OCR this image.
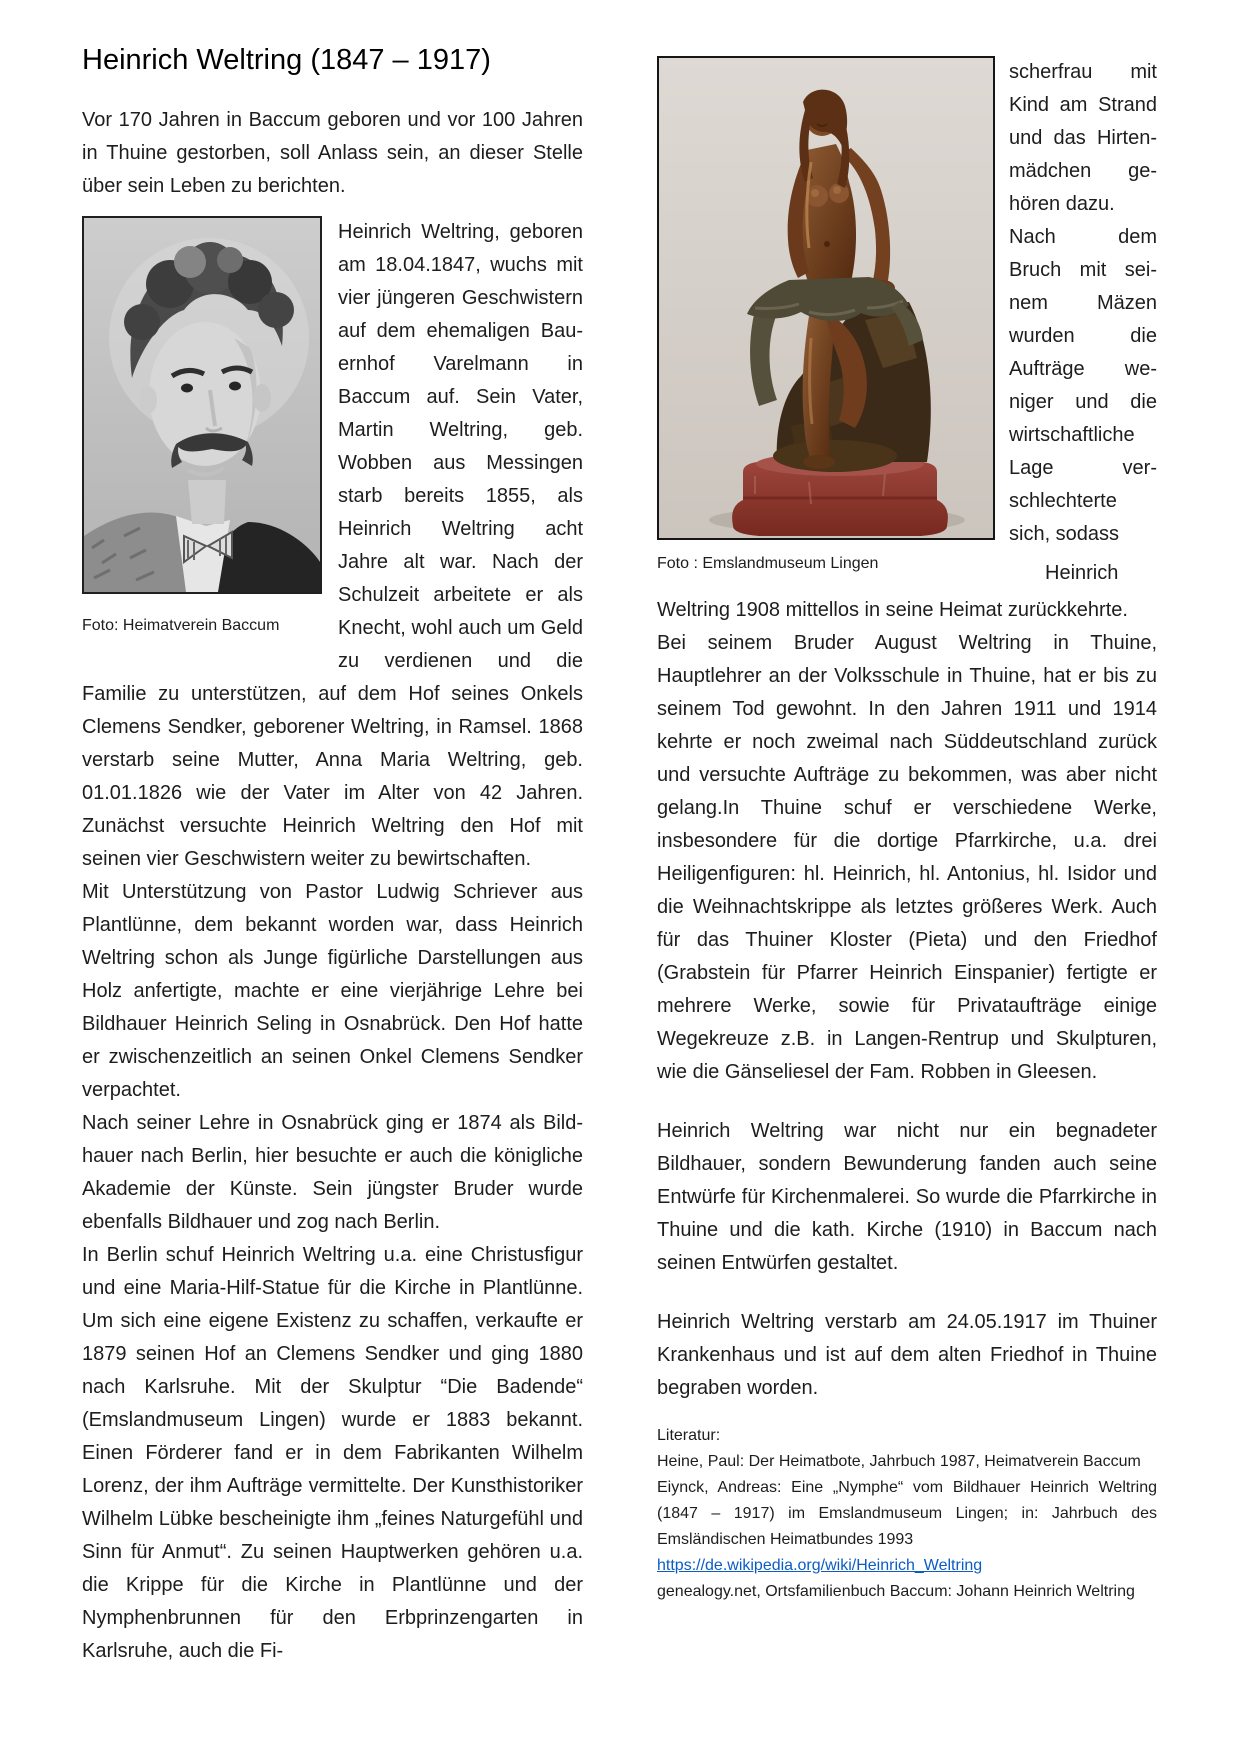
Heinrich Weltring (1847 – 1917)

Vor 170 Jahren in Baccum geboren und vor 100 Jahren in Thuine gestorben, soll Anlass sein, an dieser Stelle über sein Leben zu berichten.

Foto: Heimatverein Baccum

Heinrich Weltring, geboren am 18.04.1847, wuchs mit vier jüngeren Geschwistern auf dem ehemaligen Bauernhof Varelmann in Baccum auf. Sein Vater, Martin Weltring, geb. Wobben aus Messingen starb bereits 1855, als Heinrich Weltring acht Jahre alt war. Nach der Schulzeit arbeitete er als Knecht, wohl auch um Geld zu verdienen und die Familie zu unterstützen, auf dem Hof seines Onkels Clemens Sendker, geborener Weltring, in Ramsel. 1868 verstarb seine Mutter, Anna Maria Weltring, geb. 01.01.1826 wie der Vater im Alter von 42 Jahren. Zunächst versuchte Heinrich Weltring den Hof mit seinen vier Geschwistern weiter zu bewirtschaften.

Mit Unterstützung von Pastor Ludwig Schriever aus Plantlünne, dem bekannt worden war, dass Heinrich Weltring schon als Junge figürliche Darstellungen aus Holz anfertigte, machte er eine vierjährige Lehre bei Bildhauer Heinrich Seling in Osnabrück. Den Hof hatte er zwischenzeitlich an seinen Onkel Clemens Sendker verpachtet.

Nach seiner Lehre in Osnabrück ging er 1874 als Bildhauer nach Berlin, hier besuchte er auch die königliche Akademie der Künste. Sein jüngster Bruder wurde ebenfalls Bildhauer und zog nach Berlin.

In Berlin schuf Heinrich Weltring u.a. eine Christusfigur und eine Maria-Hilf-Statue für die Kirche in Plantlünne. Um sich eine eigene Existenz zu schaffen, verkaufte er 1879 seinen Hof an Clemens Sendker und ging 1880 nach Karlsruhe. Mit der Skulptur “Die Badende“ (Emslandmuseum Lingen) wurde er 1883 bekannt. Einen Förderer fand er in dem Fabrikanten Wilhelm Lorenz, der ihm Aufträge vermittelte. Der Kunsthistoriker Wilhelm Lübke bescheinigte ihm „feines Naturgefühl und Sinn für Anmut“. Zu seinen Hauptwerken gehören u.a. die Krippe für die Kirche in Plantlünne und der Nymphenbrunnen für den Erbprinzengarten in Karlsruhe, auch die Fi-

Foto : Emslandmuseum Lingen

scherfrau mit Kind am Strand und das Hirtenmädchen gehören dazu.

Nach dem Bruch mit seinem Mäzen wurden die Aufträge weniger und die wirtschaftliche Lage verschlechterte sich, sodass

Heinrich

Weltring 1908 mittellos in seine Heimat zurückkehrte.

Bei seinem Bruder August Weltring in Thuine, Hauptlehrer an der Volksschule in Thuine, hat er bis zu seinem Tod gewohnt. In den Jahren 1911 und 1914 kehrte er noch zweimal nach Süddeutschland zurück und versuchte Aufträge zu bekommen, was aber nicht gelang.In Thuine schuf er verschiedene Werke, insbesondere für die dortige Pfarrkirche, u.a. drei Heiligenfiguren: hl. Heinrich, hl. Antonius, hl. Isidor und die Weihnachtskrippe als letztes größeres Werk. Auch für das Thuiner Kloster (Pieta) und den Friedhof (Grabstein für Pfarrer Heinrich Einspanier) fertigte er mehrere Werke, sowie für Privataufträge einige Wegekreuze z.B. in Langen-Rentrup und Skulpturen, wie die Gänseliesel der Fam. Robben in Gleesen.

Heinrich Weltring war nicht nur ein begnadeter Bildhauer, sondern Bewunderung fanden auch seine Entwürfe für Kirchenmalerei. So wurde die Pfarrkirche in Thuine und die kath. Kirche (1910) in Baccum nach seinen Entwürfen gestaltet.

Heinrich Weltring verstarb am 24.05.1917 im Thuiner Krankenhaus und ist auf dem alten Friedhof in Thuine begraben worden.

Literatur:

Heine, Paul: Der Heimatbote, Jahrbuch 1987, Heimatverein Baccum

Eiynck, Andreas: Eine „Nymphe“ vom Bildhauer Heinrich Weltring (1847 – 1917) im Emslandmuseum Lingen; in: Jahrbuch des Emsländischen Heimatbundes 1993

https://de.wikipedia.org/wiki/Heinrich_Weltring

genealogy.net, Ortsfamilienbuch Baccum: Johann Heinrich Weltring
